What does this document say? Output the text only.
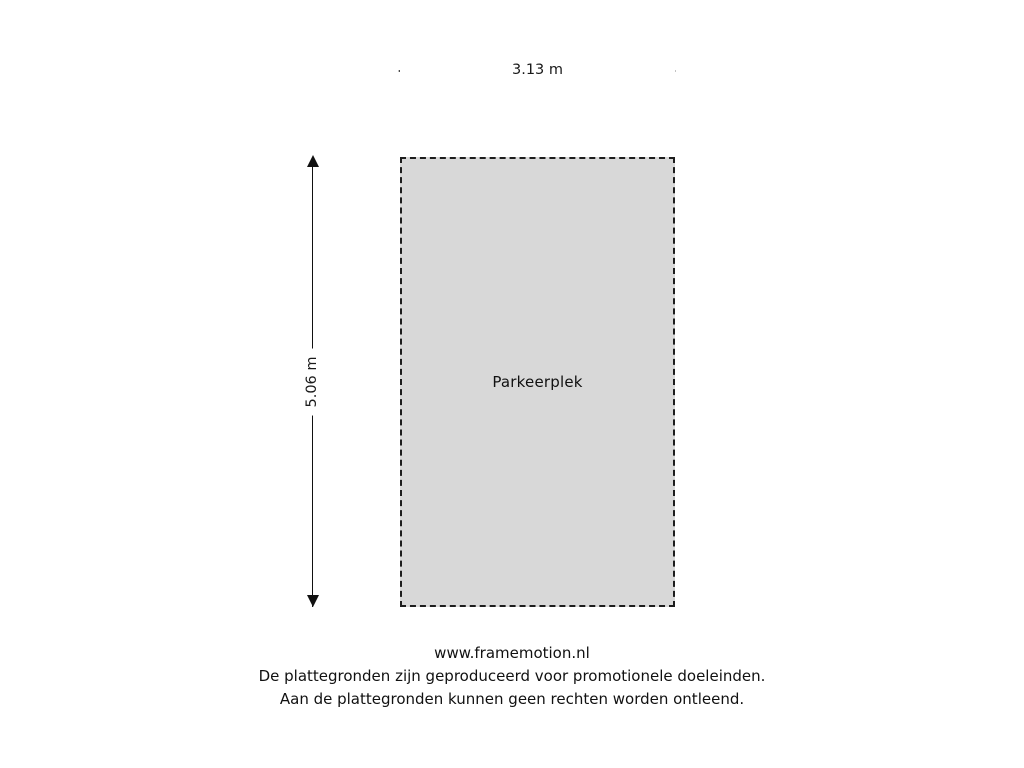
3.13 m
5.06 m	Parkeerplek
www.framemotion.nl
De plattegronden zijn geproduceerd voor promotionele doeleinden.
Aan de plattegronden kunnen geen rechten worden ontleend.
